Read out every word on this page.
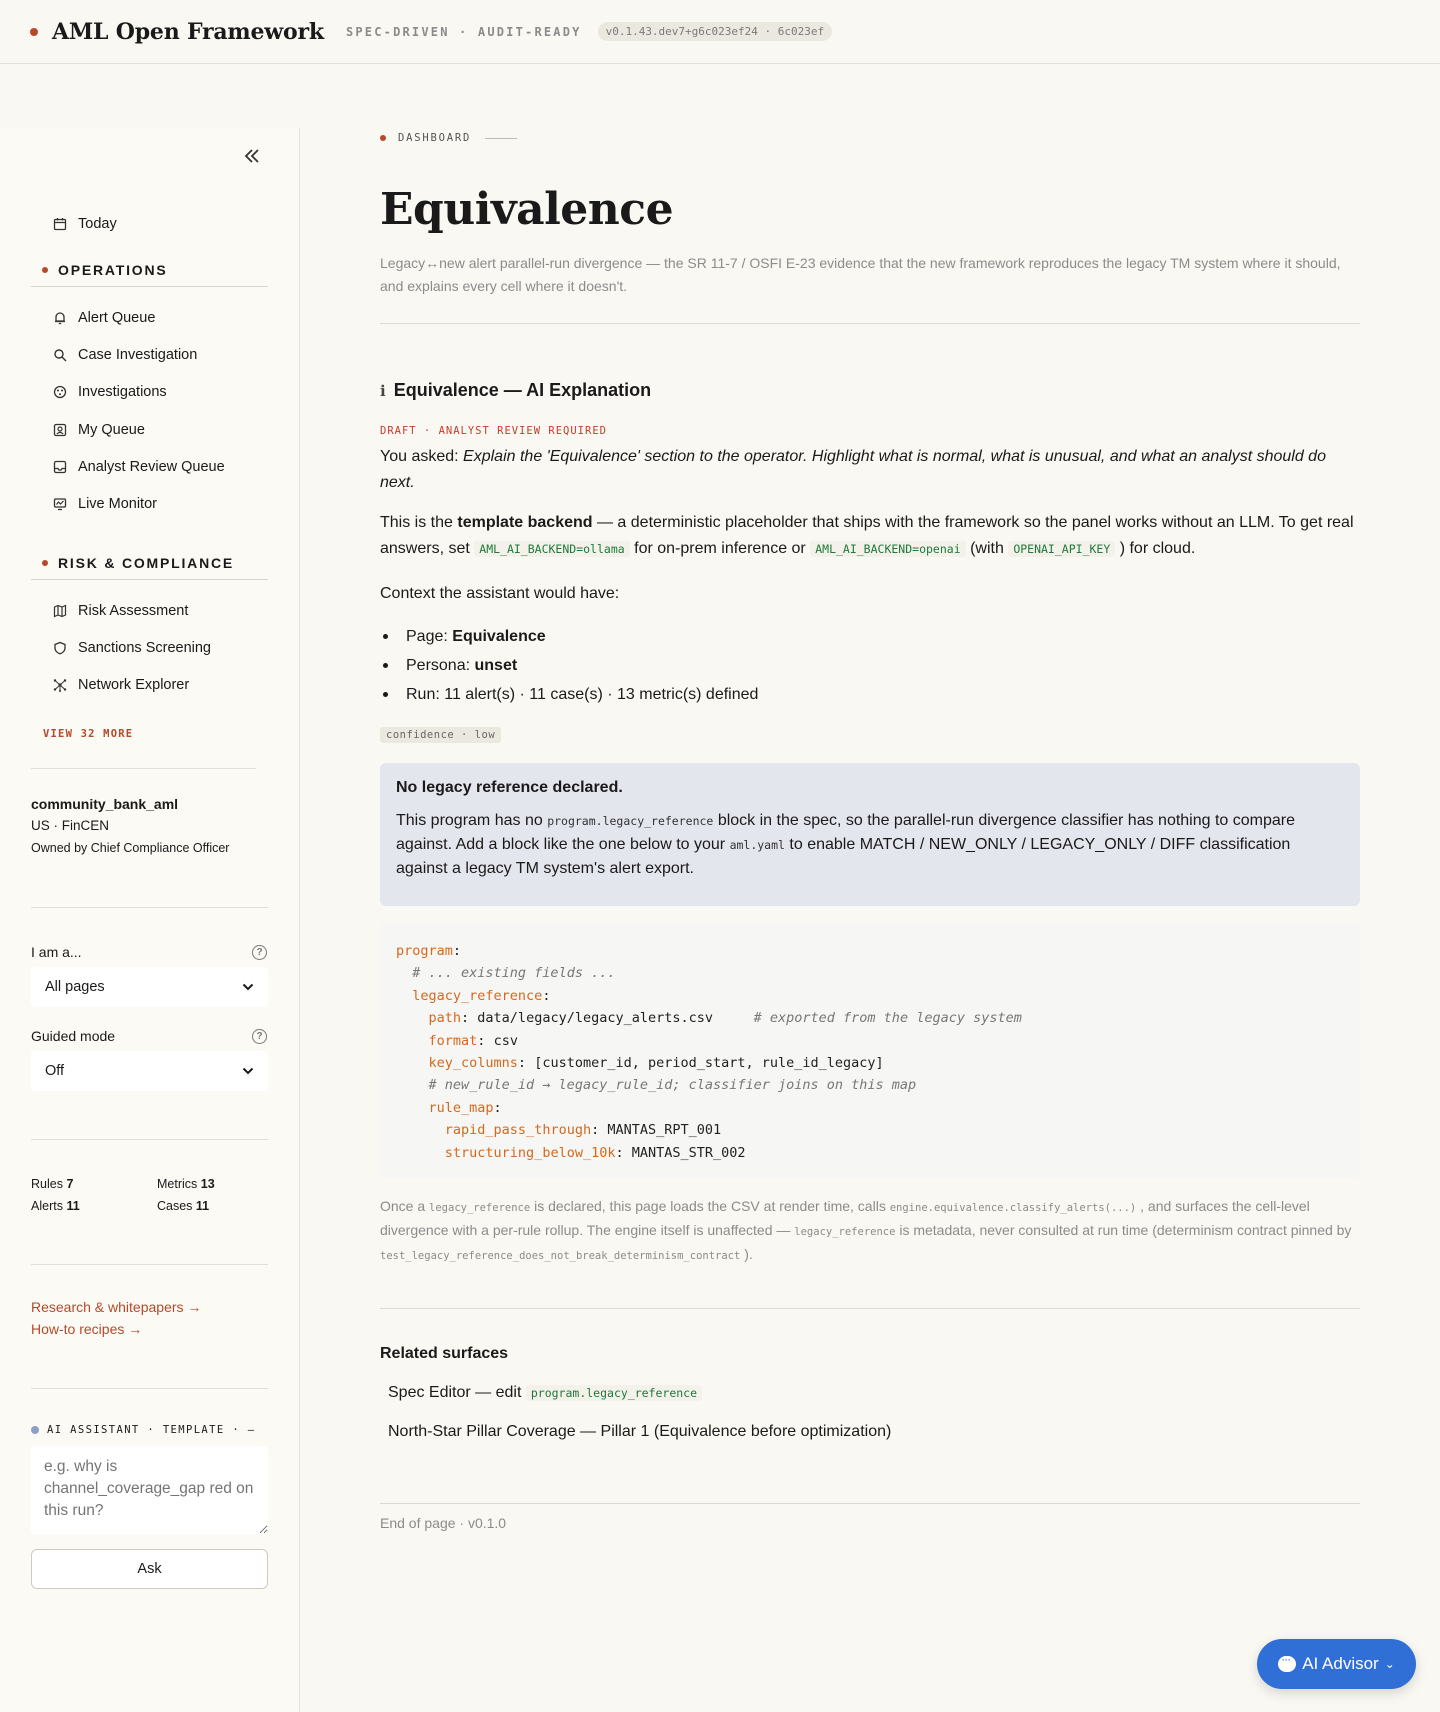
AML Open Framework SPEC-DRIVEN · AUDIT-READY	v0.1.43.dev7+g6c023ef24 · 6c023ef
Today
OPERATIONS
Alert Queue
Case Investigation
Investigations
My Queue
Analyst Review Queue
Live Monitor
RISK & COMPLIANCE
Risk Assessment
Sanctions Screening
Network Explorer
VIEW 32 MORE
community_bank_aml
US · FinCEN
Owned by Chief Compliance Officer
I am a...	?
All pages
Guided mode	?
Off
Rules 7	Metrics 13
Alerts 11	Cases 11
Research & whitepapers →
How-to recipes →
AI ASSISTANT · TEMPLATE · —
e.g. why is channel_coverage_gap red on this run?
Ask
DASHBOARD
Equivalence
Legacy↔new alert parallel-run divergence — the SR 11-7 / OSFI E-23 evidence that the new framework reproduces the legacy TM system where it should, and explains every cell where it doesn't.
ℹ Equivalence — AI Explanation
DRAFT · ANALYST REVIEW REQUIRED
You asked: Explain the 'Equivalence' section to the operator. Highlight what is normal, what is unusual, and what an analyst should do next.
This is the template backend — a deterministic placeholder that ships with the framework so the panel works without an LLM. To get real answers, set AML_AI_BACKEND=ollama for on-prem inference or AML_AI_BACKEND=openai (with OPENAI_API_KEY ) for cloud.
Context the assistant would have:
Page:
Equivalence
Persona:
unset
Run: 11 alert(s) · 11 case(s) · 13 metric(s) defined
confidence · low
No legacy reference declared.
This program has no program.legacy_reference block in the spec, so the parallel-run divergence classifier has nothing to compare against. Add a block like the one below to your aml.yaml to enable MATCH / NEW_ONLY / LEGACY_ONLY / DIFF classification against a legacy TM system's alert export.
program:
# ... existing fields ...
legacy_reference:
path: data/legacy/legacy_alerts.csv	# exported from the legacy system
format: csv
key_columns: [customer_id, period_start, rule_id_legacy]
# new_rule_id → legacy_rule_id; classifier joins on this map
rule_map:
rapid_pass_through: MANTAS_RPT_001
structuring_below_10k: MANTAS_STR_002
Once a legacy_reference is declared, this page loads the CSV at render time, calls engine.equivalence.classify_alerts(...) , and surfaces the cell-level divergence with a per-rule rollup. The engine itself is unaffected — legacy_reference is metadata, never consulted at run time (determinism contract pinned by test_legacy_reference_does_not_break_determinism_contract ).
Related surfaces
Spec Editor — edit
program.legacy_reference
North-Star Pillar Coverage — Pillar 1 (Equivalence before optimization)
End of page · v0.1.0
···
AI Advisor ⌄
